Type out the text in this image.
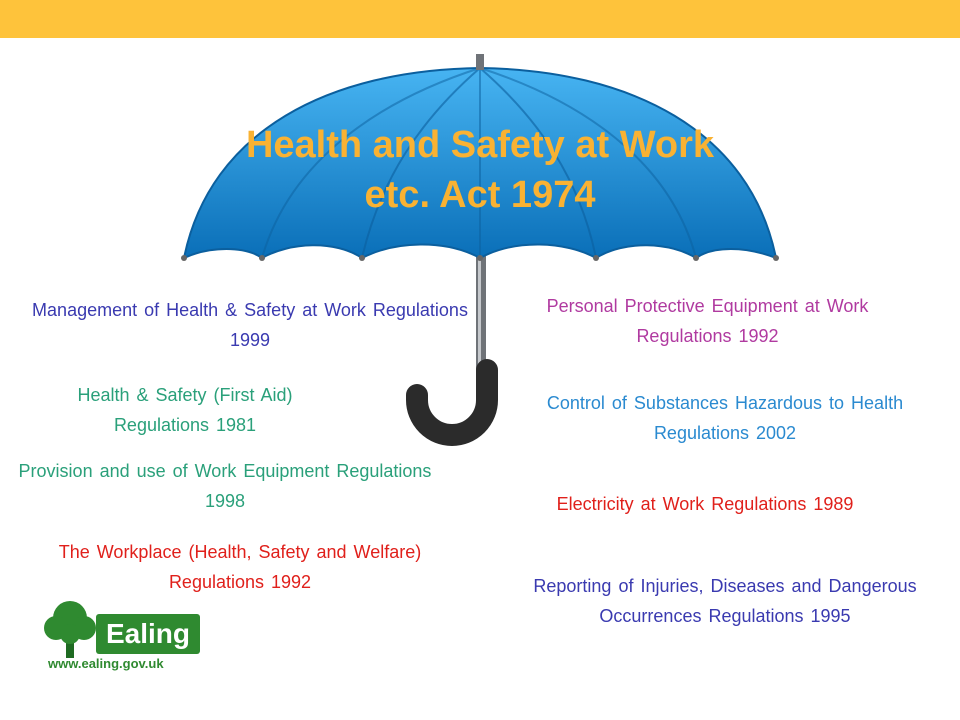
Health and Safety at Work etc. Act 1974
Management of Health & Safety at Work Regulations 1999
Health & Safety (First Aid) Regulations 1981
Provision and use of Work Equipment Regulations 1998
The Workplace (Health, Safety and Welfare) Regulations 1992
Personal Protective Equipment at Work Regulations 1992
Control of Substances Hazardous to Health Regulations 2002
Electricity at Work Regulations 1989
Reporting of Injuries, Diseases and Dangerous Occurrences Regulations 1995
Ealing
www.ealing.gov.uk
